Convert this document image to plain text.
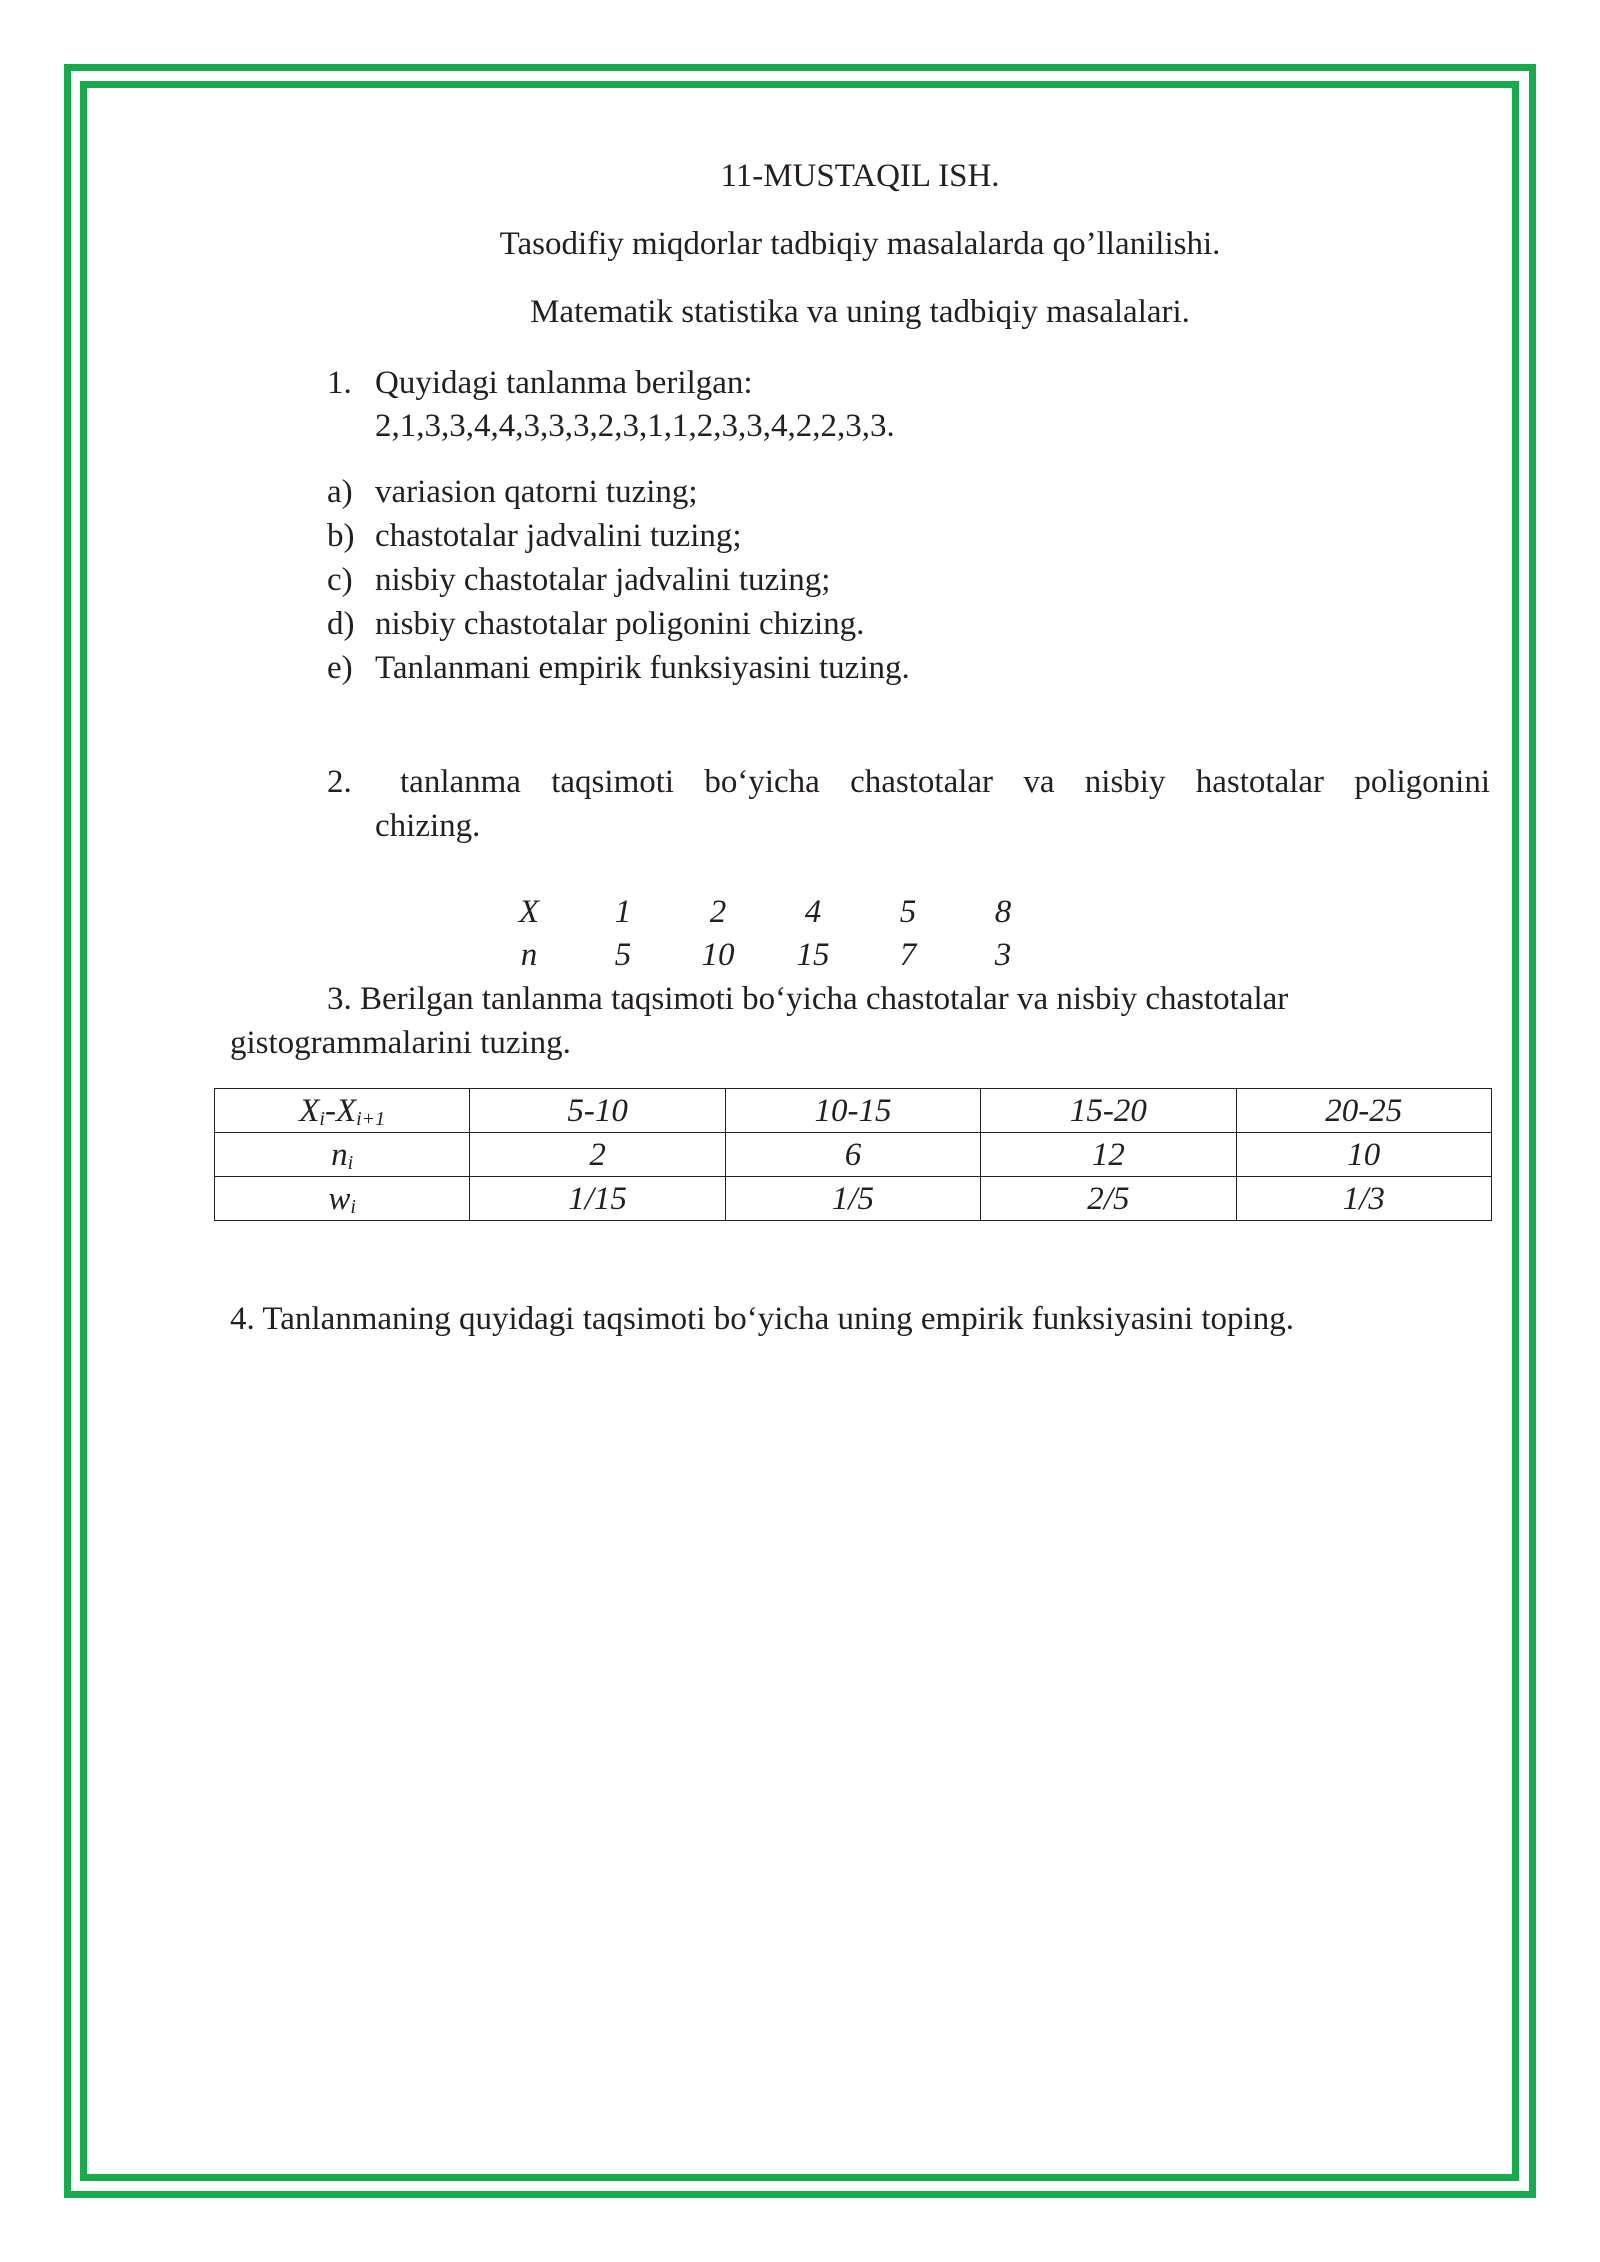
11-MUSTAQIL ISH.
Tasodifiy miqdorlar tadbiqiy masalalarda qo’llanilishi.
Matematik statistika va uning tadbiqiy masalalari.
1. Quyidagi tanlanma berilgan:
2,1,3,3,4,4,3,3,3,2,3,1,1,2,3,3,4,2,2,3,3.
a) variasion qatorni tuzing;
b) chastotalar jadvalini tuzing;
c) nisbiy chastotalar jadvalini tuzing;
d) nisbiy chastotalar poligonini chizing.
e) Tanlanmani empirik funksiyasini tuzing.
2. tanlanma taqsimoti bo‘yicha chastotalar va nisbiy hastotalar poligonini
chizing.
X	1	2	4	5	8
n	5	10	15	7	3
3. Berilgan tanlanma taqsimoti bo‘yicha chastotalar va nisbiy chastotalar
gistogrammalarini tuzing.
$X_i-X_{i+1}$	5-10	10-15	15-20	20-25
$n_i$	2	6	12	10
$w_i$	1/15	1/5	2/5	1/3
4. Tanlanmaning quyidagi taqsimoti bo‘yicha uning empirik funksiyasini toping.
